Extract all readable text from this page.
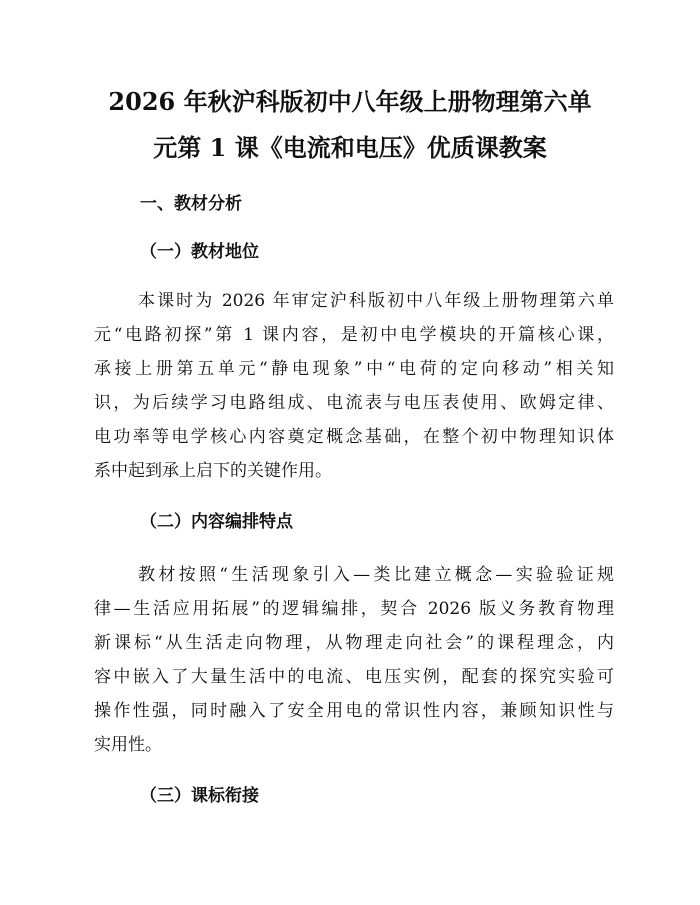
2026 年秋沪科版初中八年级上册物理第六单
元第 1 课《电流和电压》优质课教案
一、教材分析
（一）教材地位
本课时为 2026 年审定沪科版初中八年级上册物理第六单
元“电路初探”第 1 课内容，是初中电学模块的开篇核心课，
承接上册第五单元“静电现象”中“电荷的定向移动”相关知
识，为后续学习电路组成、电流表与电压表使用、欧姆定律、
电功率等电学核心内容奠定概念基础，在整个初中物理知识体
系中起到承上启下的关键作用。
（二）内容编排特点
教材按照“生活现象引入—类比建立概念—实验验证规
律—生活应用拓展”的逻辑编排，契合 2026 版义务教育物理
新课标“从生活走向物理，从物理走向社会”的课程理念，内
容中嵌入了大量生活中的电流、电压实例，配套的探究实验可
操作性强，同时融入了安全用电的常识性内容，兼顾知识性与
实用性。
（三）课标衔接
